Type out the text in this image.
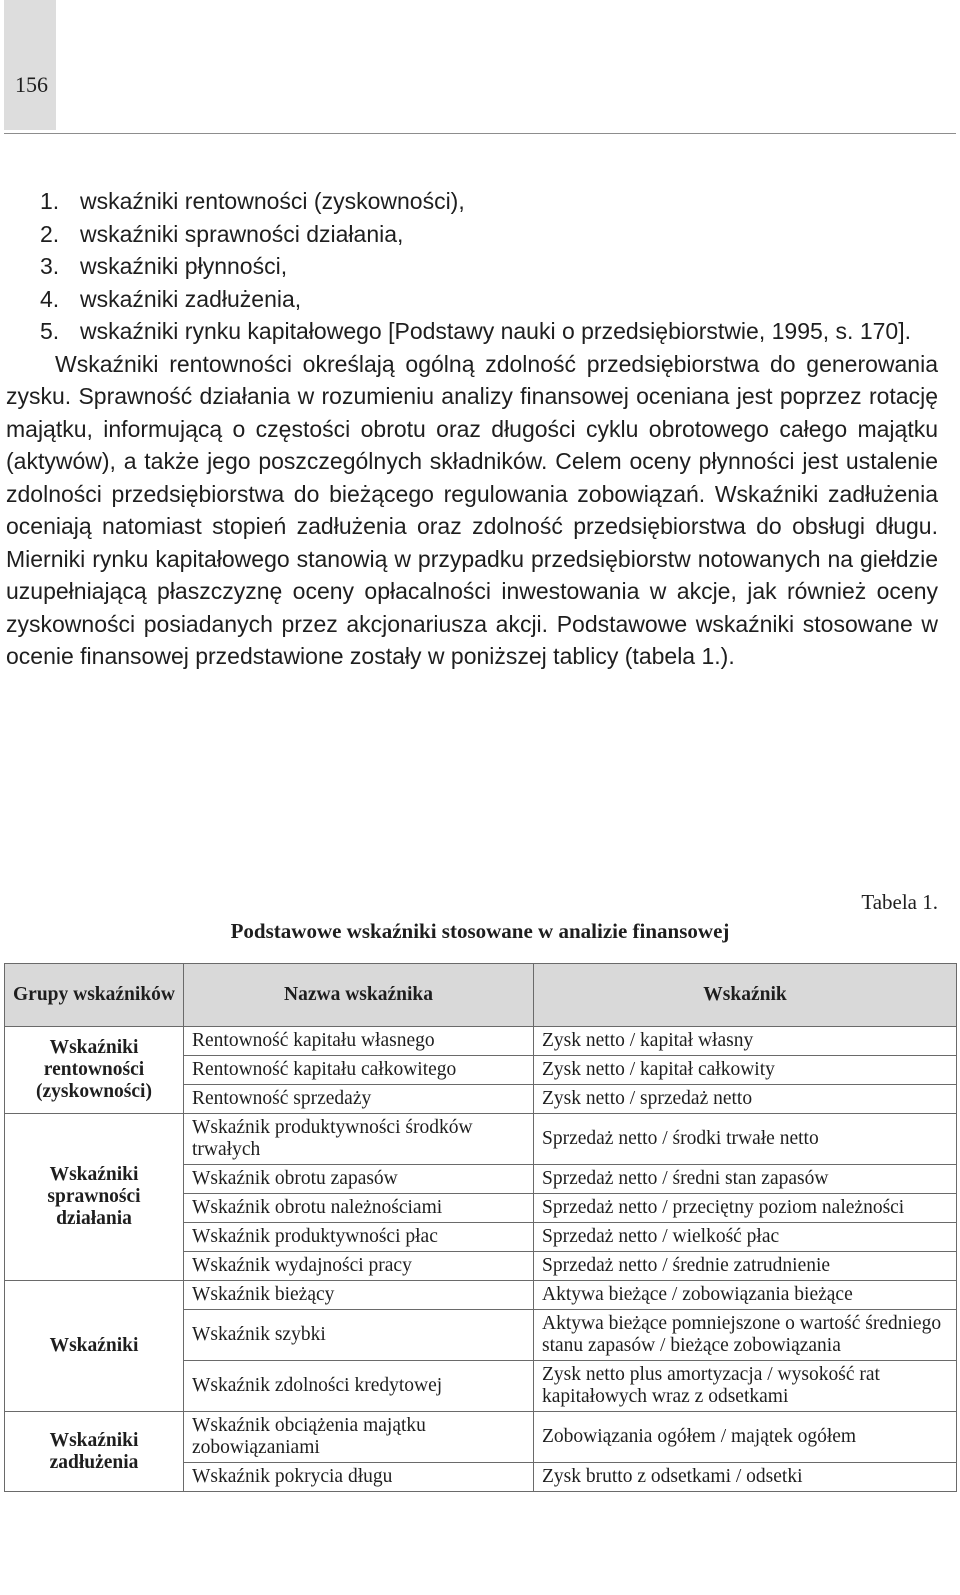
156
1. wskaźniki rentowności (zyskowności),
2. wskaźniki sprawności działania,
3. wskaźniki płynności,
4. wskaźniki zadłużenia,
5. wskaźniki rynku kapitałowego [Podstawy nauki o przedsiębiorstwie, 1995, s. 170].

Wskaźniki rentowności określają ogólną zdolność przedsiębiorstwa do generowania zysku. Sprawność działania w rozumieniu analizy finansowej oceniana jest poprzez rotację majątku, informującą o częstości obrotu oraz długości cyklu obrotowego całego majątku (aktywów), a także jego poszczególnych składników. Celem oceny płynności jest ustalenie zdolności przedsiębiorstwa do bieżącego regulowania zobowiązań. Wskaźniki zadłużenia oceniają natomiast stopień zadłużenia oraz zdolność przedsiębiorstwa do obsługi długu. Mierniki rynku kapitałowego stanowią w przypadku przedsiębiorstw notowanych na giełdzie uzupełniającą płaszczyznę oceny opłacalności inwestowania w akcje, jak również oceny zyskowności posiadanych przez akcjonariusza akcji. Podstawowe wskaźniki stosowane w ocenie finansowej przedstawione zostały w poniższej tablicy (tabela 1.).

Tabela 1.
Podstawowe wskaźniki stosowane w analizie finansowej
Grupy wskaźników	Nazwa wskaźnika	Wskaźnik
Wskaźniki rentowności (zyskowności)	Rentowność kapitału własnego	Zysk netto / kapitał własny
	Rentowność kapitału całkowitego	Zysk netto / kapitał całkowity
	Rentowność sprzedaży	Zysk netto / sprzedaż netto
Wskaźniki sprawności działania	Wskaźnik produktywności środków trwałych	Sprzedaż netto / środki trwałe netto
	Wskaźnik obrotu zapasów	Sprzedaż netto / średni stan zapasów
	Wskaźnik obrotu należnościami	Sprzedaż netto / przeciętny poziom należności
	Wskaźnik produktywności płac	Sprzedaż netto / wielkość płac
	Wskaźnik wydajności pracy	Sprzedaż netto / średnie zatrudnienie
Wskaźniki	Wskaźnik bieżący	Aktywa bieżące / zobowiązania bieżące
	Wskaźnik szybki	Aktywa bieżące pomniejszone o wartość średniego stanu zapasów / bieżące zobowiązania
	Wskaźnik zdolności kredytowej	Zysk netto plus amortyzacja / wysokość rat kapitałowych wraz z odsetkami
Wskaźniki zadłużenia	Wskaźnik obciążenia majątku zobowiązaniami	Zobowiązania ogółem / majątek ogółem
	Wskaźnik pokrycia długu	Zysk brutto z odsetkami / odsetki
